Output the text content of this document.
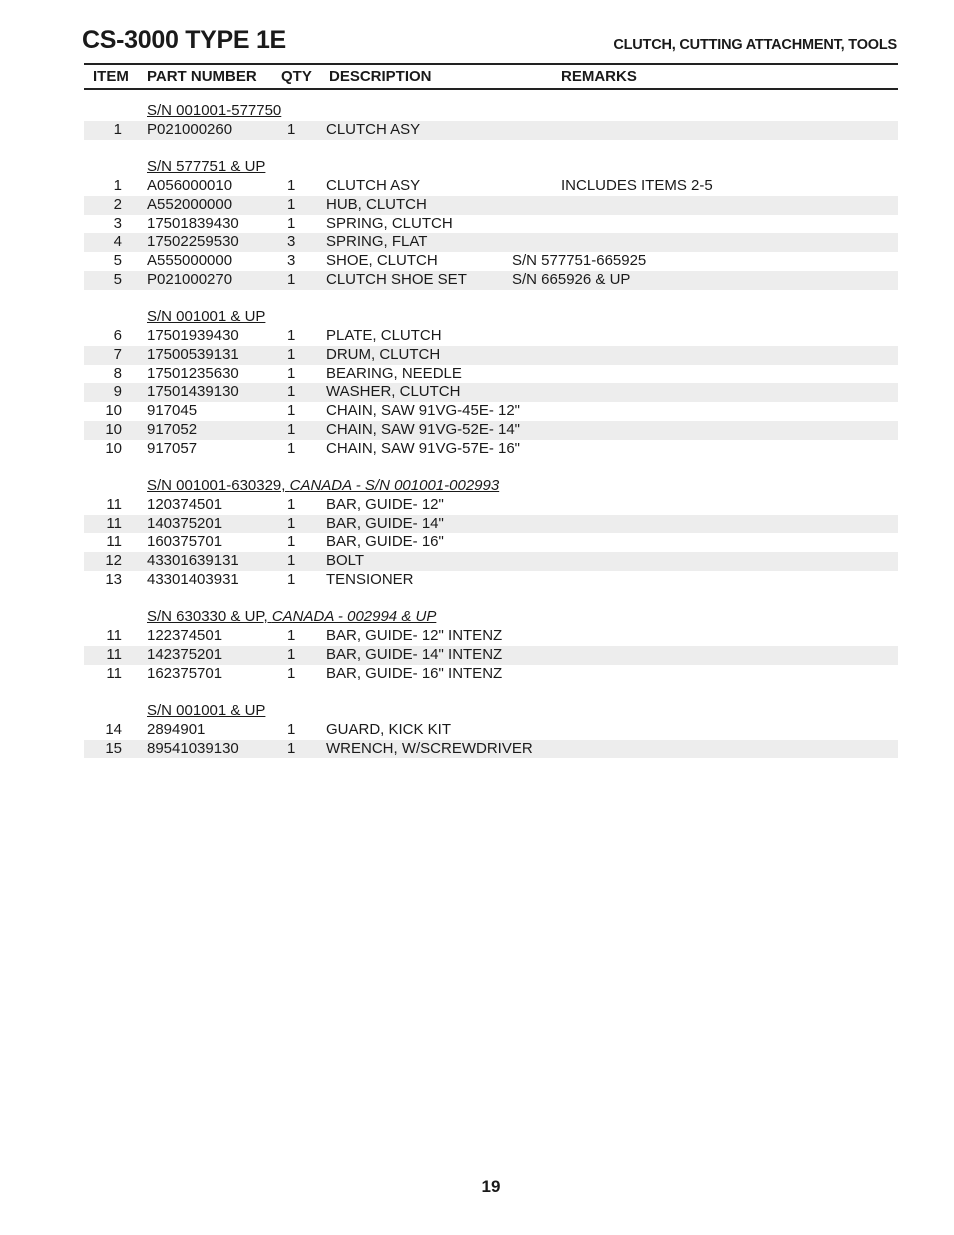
CS-3000 TYPE 1E	CLUTCH, CUTTING ATTACHMENT, TOOLS
ITEM PART NUMBER QTY DESCRIPTION	REMARKS
S/N 001001-577750
1 P021000260	1 CLUTCH ASY
S/N 577751 & UP
1 A056000010	1 CLUTCH ASY	INCLUDES ITEMS 2-5
2 A552000000	1 HUB, CLUTCH
3 17501839430	1 SPRING, CLUTCH
4 17502259530	3 SPRING, FLAT
5 A555000000	3 SHOE, CLUTCH	S/N 577751-665925
5 P021000270	1 CLUTCH SHOE SET	S/N 665926 & UP
S/N 001001 & UP
6 17501939430	1 PLATE, CLUTCH
7 17500539131	1 DRUM, CLUTCH
8 17501235630	1 BEARING, NEEDLE
9 17501439130	1 WASHER, CLUTCH
10 917045	1 CHAIN, SAW 91VG-45E- 12"
10 917052	1 CHAIN, SAW 91VG-52E- 14"
10 917057	1 CHAIN, SAW 91VG-57E- 16"
S/N 001001-630329, CANADA - S/N 001001-002993
11 120374501	1 BAR, GUIDE- 12"
11 140375201	1 BAR, GUIDE- 14"
11 160375701	1 BAR, GUIDE- 16"
12 43301639131	1 BOLT
13 43301403931	1 TENSIONER
S/N 630330 & UP, CANADA - 002994 & UP
11 122374501	1 BAR, GUIDE- 12" INTENZ
11 142375201	1 BAR, GUIDE- 14" INTENZ
11 162375701	1 BAR, GUIDE- 16" INTENZ
S/N 001001 & UP
14 2894901	1 GUARD, KICK KIT
15 89541039130	1 WRENCH, W/SCREWDRIVER
19
